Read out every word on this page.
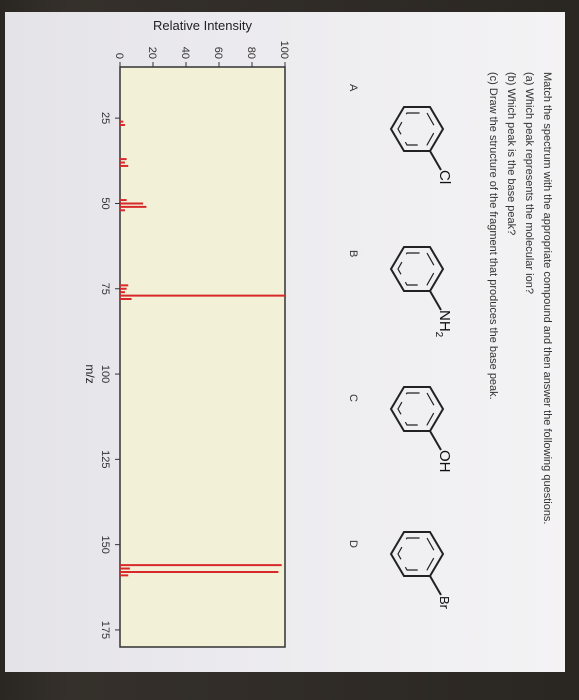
Match the spectrum with the appropriate compound and then answer the following questions.
(a) Which peak represents the molecular ion?
(b) Which peak is the base peak?
(c) Draw the structure of the fragment that produces the base peak.
Cl
A
$NH_2$
B
OH
C
Br
D
0 20 40 60 80 100
25
50
75
100
125
150
175
Relative Intensity
m/z
